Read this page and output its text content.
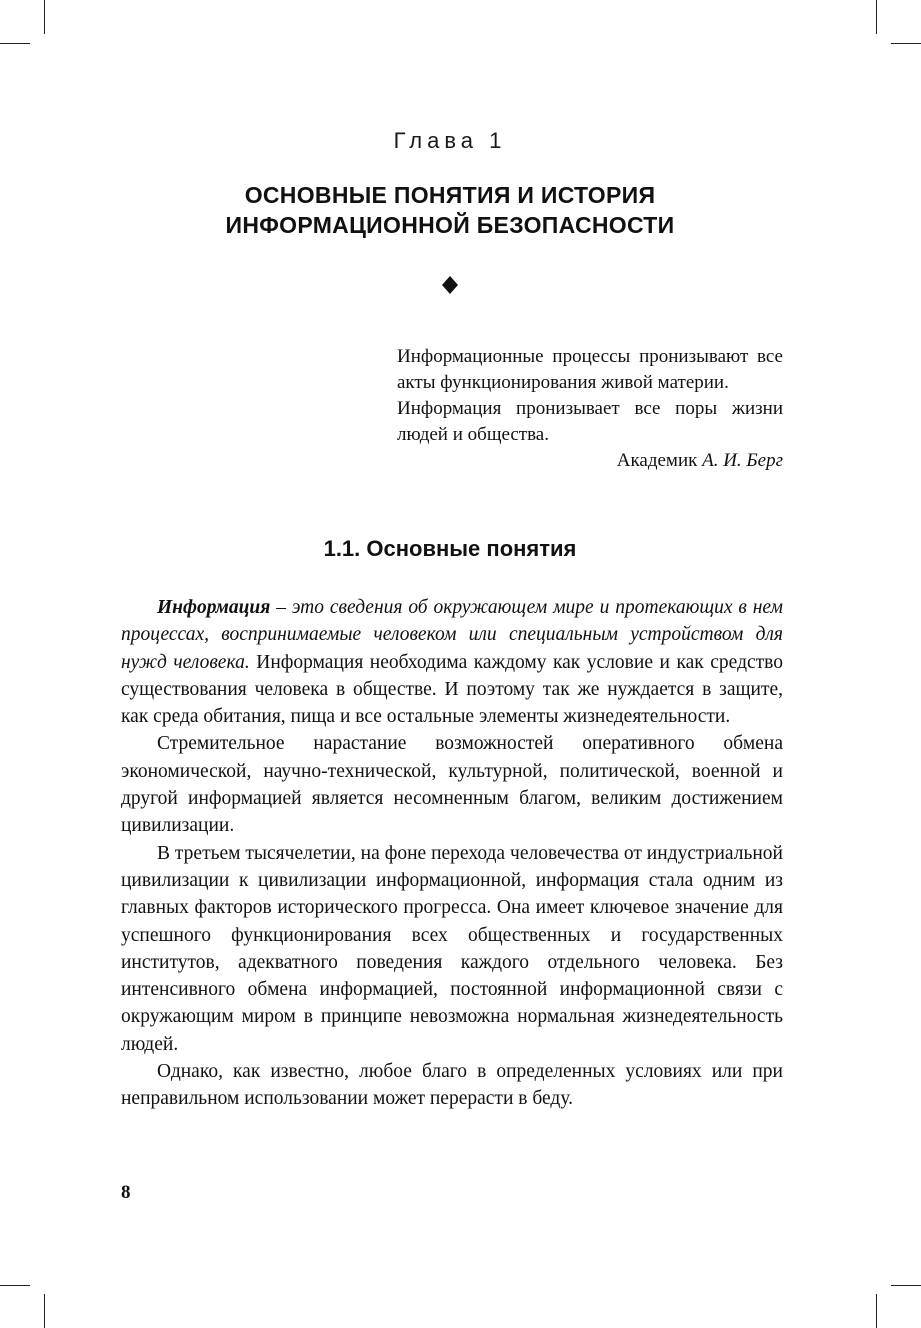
Глава 1
ОСНОВНЫЕ ПОНЯТИЯ И ИСТОРИЯ
ИНФОРМАЦИОННОЙ БЕЗОПАСНОСТИ

Информационные процессы пронизывают все акты функционирования живой материи.

Информация пронизывает все поры жизни людей и общества.

Академик А. И. Берг

1.1. Основные понятия

Информация – это сведения об окружающем мире и протекающих в нем процессах, воспринимаемые человеком или специальным устройством для нужд человека. Информация необходима каждому как условие и как средство существования человека в обществе. И поэтому так же нуждается в защите, как среда обитания, пища и все остальные элементы жизнедеятельности.

Стремительное нарастание возможностей оперативного обмена экономической, научно-технической, культурной, политической, военной и другой информацией является несомненным благом, великим достижением цивилизации.

В третьем тысячелетии, на фоне перехода человечества от индустриальной цивилизации к цивилизации информационной, информация стала одним из главных факторов исторического прогресса. Она имеет ключевое значение для успешного функционирования всех общественных и государственных институтов, адекватного поведения каждого отдельного человека. Без интенсивного обмена информацией, постоянной информационной связи с окружающим миром в принципе невозможна нормальная жизнедеятельность людей.

Однако, как известно, любое благо в определенных условиях или при неправильном использовании может перерасти в беду.

8
